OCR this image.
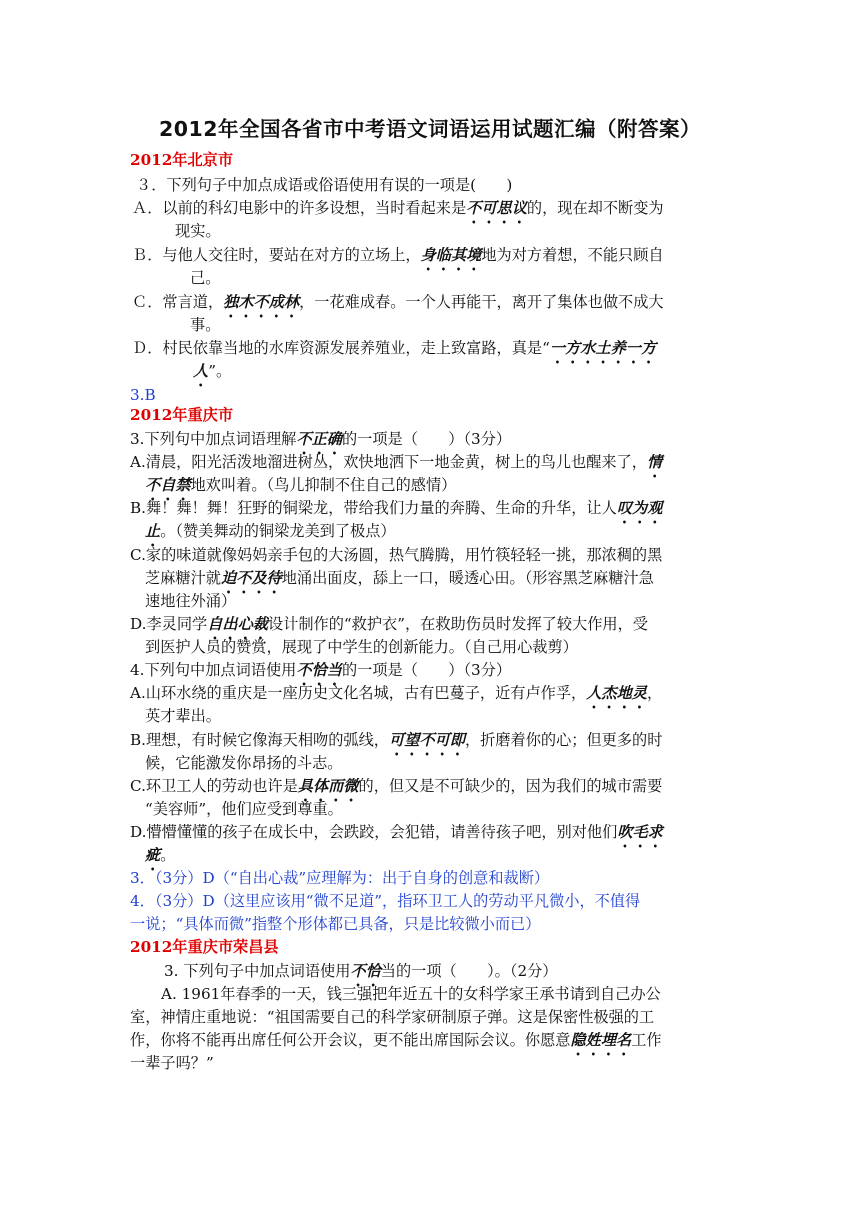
2012年全国各省市中考语文词语运用试题汇编（附答案）
2012年北京市
３．下列句子中加点成语或俗语使用有误的一项是(　　)
Ａ．以前的科幻电影中的许多设想，当时看起来是不可思议的，现在却不断变为
现实。
Ｂ．与他人交往时，要站在对方的立场上，身临其境地为对方着想，不能只顾自
己。
Ｃ．常言道，独木不成林，一花难成春。一个人再能干，离开了集体也做不成大
事。
Ｄ．村民依靠当地的水库资源发展养殖业，走上致富路，真是“一方水土养一方
人”。
3.B
2012年重庆市
3.下列句中加点词语理解不正确的一项是（　　）（3分）
A.清晨，阳光活泼地溜进树丛，欢快地洒下一地金黄，树上的鸟儿也醒来了，情
不自禁地欢叫着。（鸟儿抑制不住自己的感情）
B.舞！舞！舞！狂野的铜梁龙，带给我们力量的奔腾、生命的升华，让人叹为观
止。（赞美舞动的铜梁龙美到了极点）
C.家的味道就像妈妈亲手包的大汤圆，热气腾腾，用竹筷轻轻一挑，那浓稠的黑
芝麻糖汁就迫不及待地涌出面皮，舔上一口，暖透心田。（形容黑芝麻糖汁急
速地往外涌）
D.李灵同学自出心裁设计制作的“救护衣”，在救助伤员时发挥了较大作用，受
到医护人员的赞赏，展现了中学生的创新能力。（自己用心裁剪）
4.下列句中加点词语使用不恰当的一项是（　　）（3分）
A.山环水绕的重庆是一座历史文化名城，古有巴蔓子，近有卢作孚，人杰地灵，
英才辈出。
B.理想，有时候它像海天相吻的弧线，可望不可即，折磨着你的心；但更多的时
候，它能激发你昂扬的斗志。
C.环卫工人的劳动也许是具体而微的，但又是不可缺少的，因为我们的城市需要
“美容师”，他们应受到尊重。
D.懵懵懂懂的孩子在成长中，会跌跤，会犯错，请善待孩子吧，别对他们吹毛求
疵。
3．（3分）D（“自出心裁”应理解为：出于自身的创意和裁断）
4．（3分）D（这里应该用“微不足道”，指环卫工人的劳动平凡微小，不值得
一说；“具体而微”指整个形体都已具备，只是比较微小而已）
2012年重庆市荣昌县
3. 下列句子中加点词语使用不恰当的一项（　　）。（2分）
A. 1961年春季的一天，钱三强把年近五十的女科学家王承书请到自己办公
室，神情庄重地说：“祖国需要自己的科学家研制原子弹。这是保密性极强的工
作，你将不能再出席任何公开会议，更不能出席国际会议。你愿意隐姓埋名工作
一辈子吗？”
